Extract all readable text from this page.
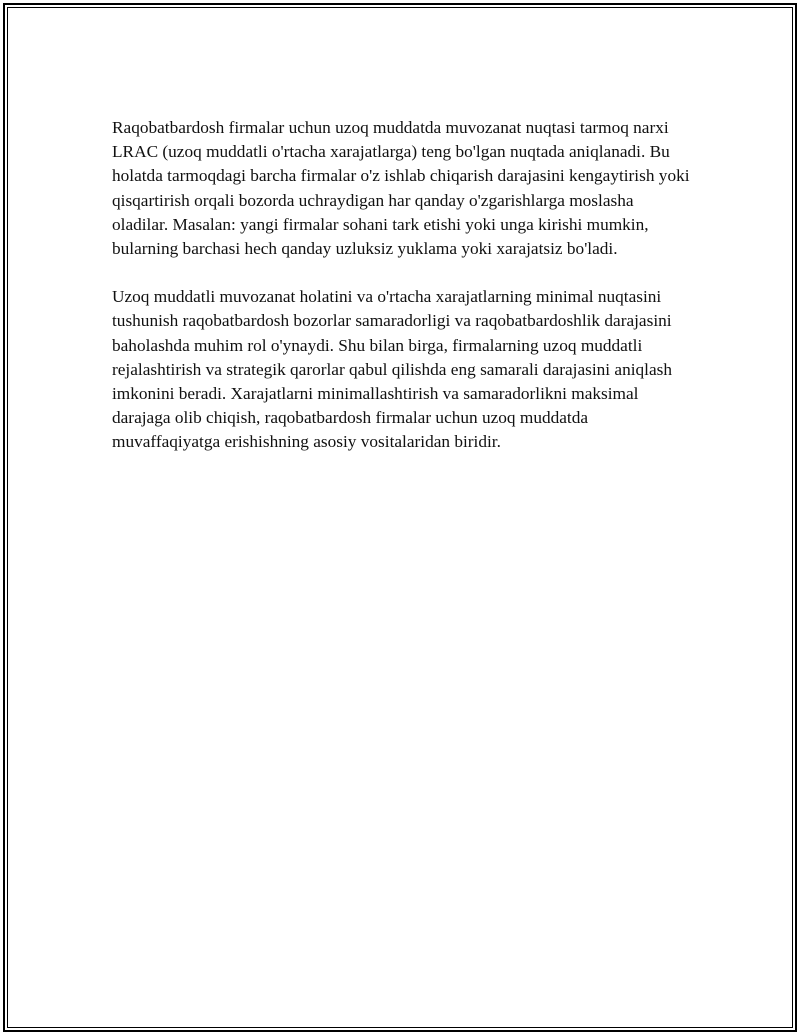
Raqobatbardosh firmalar uchun uzoq muddatda muvozanat nuqtasi tarmoq narxi LRAC (uzoq muddatli o'rtacha xarajatlarga) teng bo'lgan nuqtada aniqlanadi. Bu holatda tarmoqdagi barcha firmalar o'z ishlab chiqarish darajasini kengaytirish yoki qisqartirish orqali bozorda uchraydigan har qanday o'zgarishlarga moslasha oladilar. Masalan: yangi firmalar sohani tark etishi yoki unga kirishi mumkin, bularning barchasi hech qanday uzluksiz yuklama yoki xarajatsiz bo'ladi.

Uzoq muddatli muvozanat holatini va o'rtacha xarajatlarning minimal nuqtasini tushunish raqobatbardosh bozorlar samaradorligi va raqobatbardoshlik darajasini baholashda muhim rol o'ynaydi. Shu bilan birga, firmalarning uzoq muddatli rejalashtirish va strategik qarorlar qabul qilishda eng samarali darajasini aniqlash imkonini beradi. Xarajatlarni minimallashtirish va samaradorlikni maksimal darajaga olib chiqish, raqobatbardosh firmalar uchun uzoq muddatda muvaffaqiyatga erishishning asosiy vositalaridan biridir.
